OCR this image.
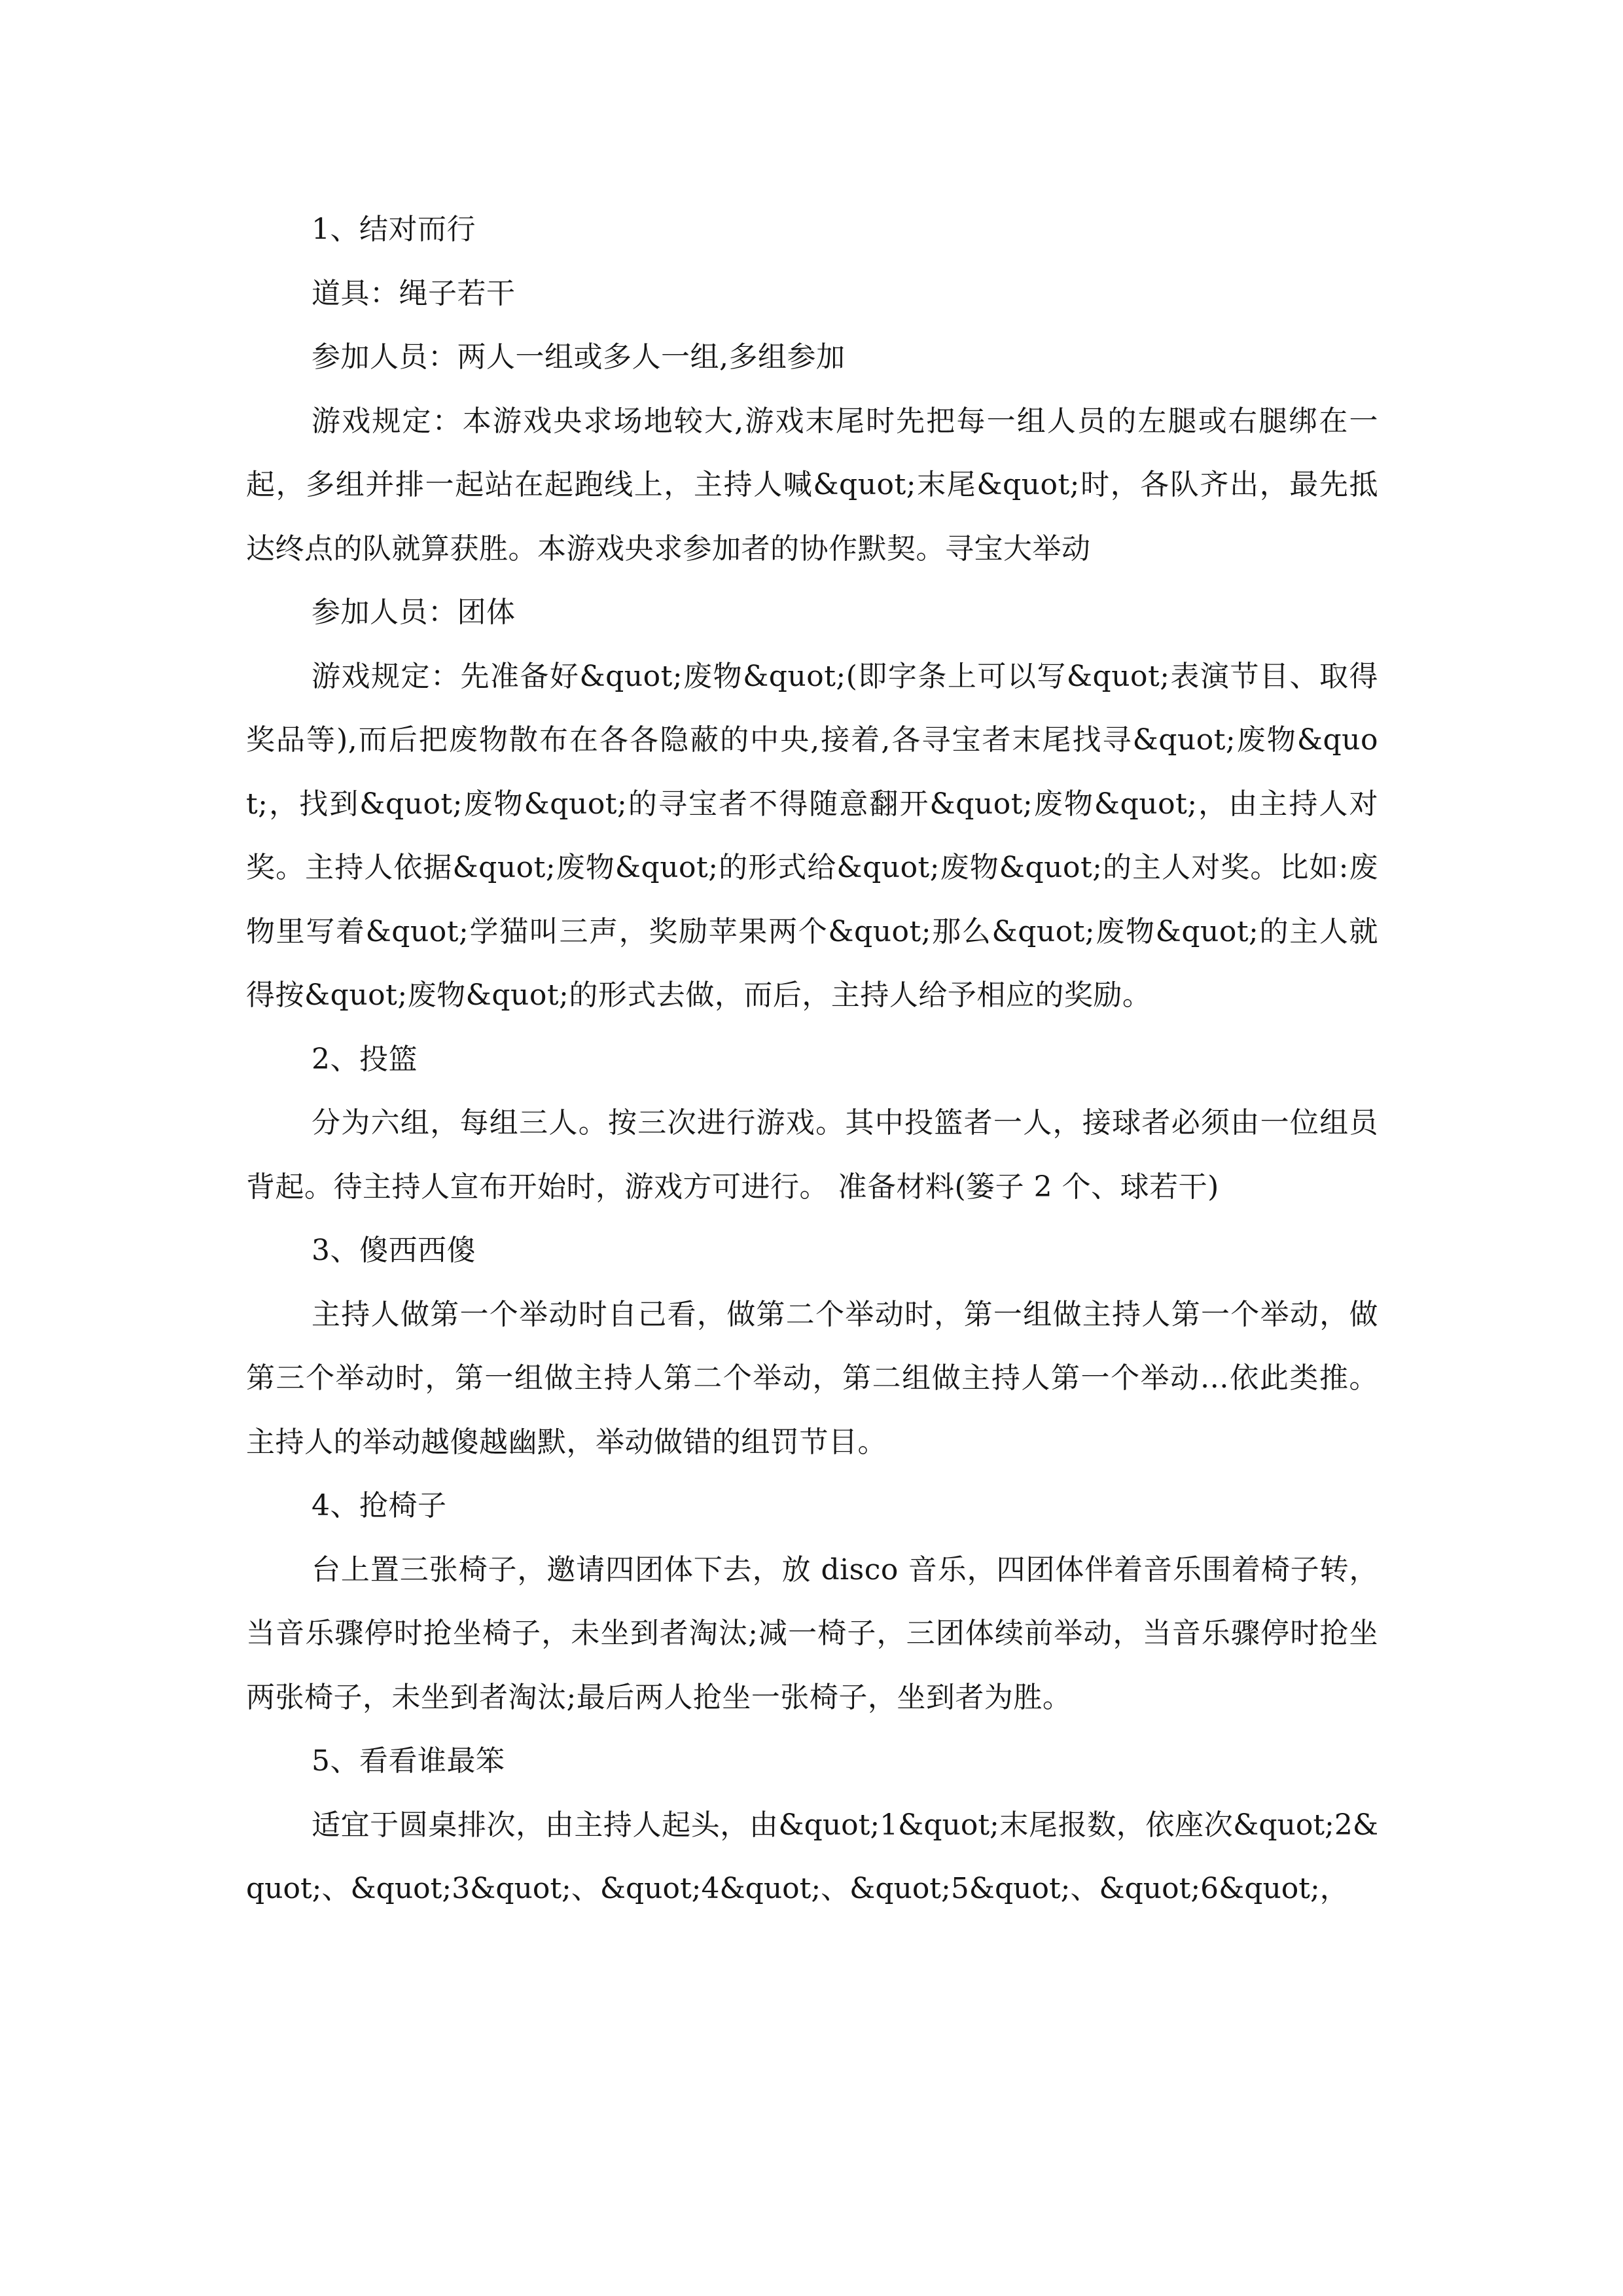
1、结对而行

道具：绳子若干

参加人员：两人一组或多人一组,多组参加

游戏规定：本游戏央求场地较大,游戏末尾时先把每一组人员的左腿或右腿绑在一起，多组并排一起站在起跑线上，主持人喊&quot;末尾&quot;时，各队齐出，最先抵达终点的队就算获胜。本游戏央求参加者的协作默契。寻宝大举动

参加人员：团体

游戏规定：先准备好&quot;废物&quot;(即字条上可以写&quot;表演节目、取得奖品等),而后把废物散布在各各隐蔽的中央,接着,各寻宝者末尾找寻&quot;废物&quot;，找到&quot;废物&quot;的寻宝者不得随意翻开&quot;废物&quot;，由主持人对奖。主持人依据&quot;废物&quot;的形式给&quot;废物&quot;的主人对奖。比如:废物里写着&quot;学猫叫三声，奖励苹果两个&quot;那么&quot;废物&quot;的主人就得按&quot;废物&quot;的形式去做，而后，主持人给予相应的奖励。

2、投篮

分为六组，每组三人。按三次进行游戏。其中投篮者一人，接球者必须由一位组员背起。待主持人宣布开始时，游戏方可进行。 准备材料(篓子 2 个、球若干)

3、傻西西傻

主持人做第一个举动时自己看，做第二个举动时，第一组做主持人第一个举动，做第三个举动时，第一组做主持人第二个举动，第二组做主持人第一个举动…依此类推。主持人的举动越傻越幽默，举动做错的组罚节目。

4、抢椅子

台上置三张椅子，邀请四团体下去，放 disco 音乐，四团体伴着音乐围着椅子转，当音乐骤停时抢坐椅子，未坐到者淘汰;减一椅子，三团体续前举动，当音乐骤停时抢坐两张椅子，未坐到者淘汰;最后两人抢坐一张椅子，坐到者为胜。

5、看看谁最笨

适宜于圆桌排次，由主持人起头，由&quot;1&quot;末尾报数，依座次&quot;2&quot;、&quot;3&quot;、&quot;4&quot;、&quot;5&quot;、&quot;6&quot;，
